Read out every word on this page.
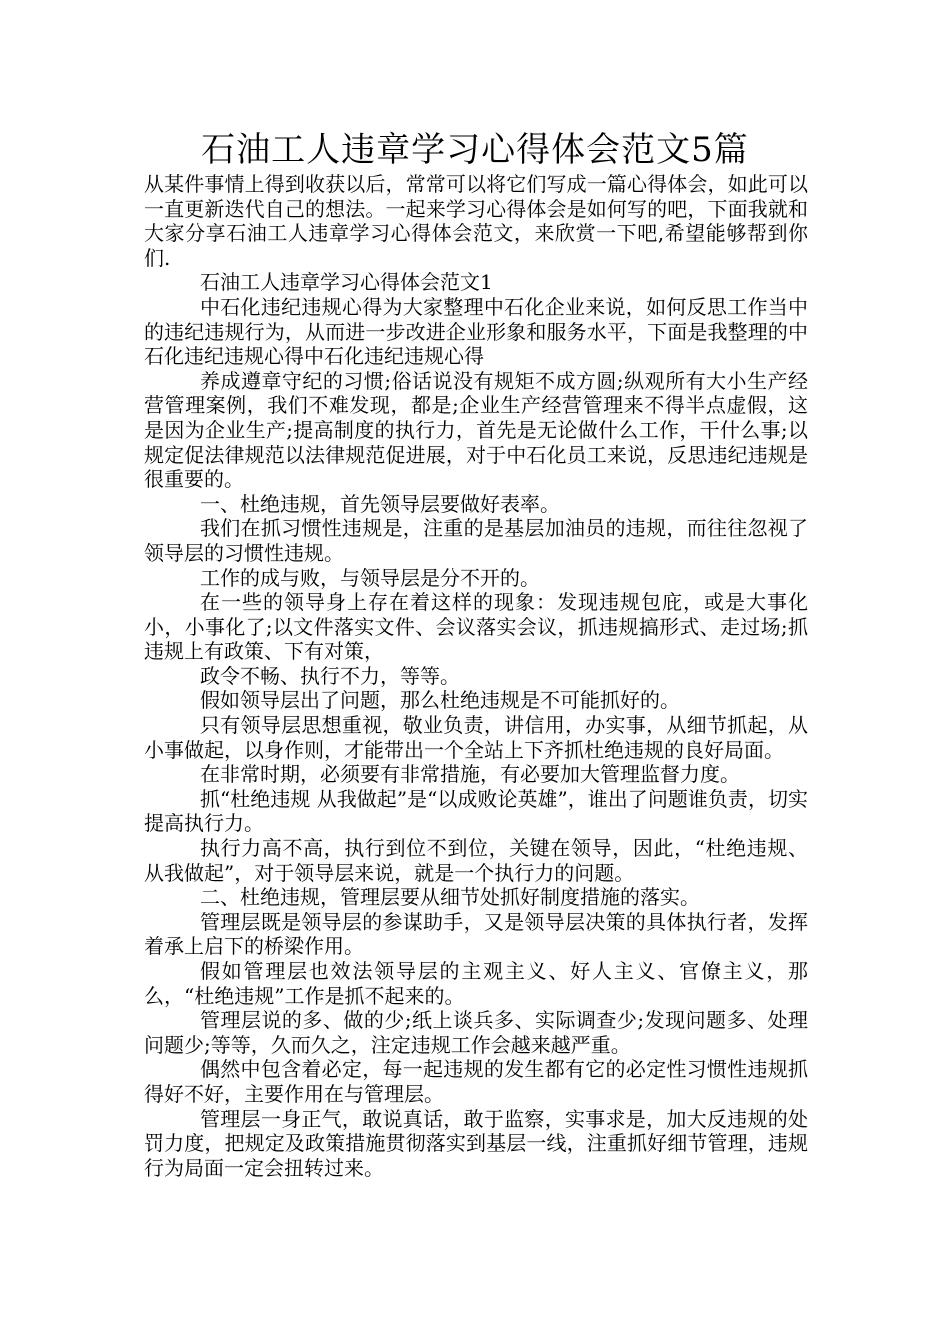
石油工人违章学习心得体会范文5篇

从某件事情上得到收获以后，常常可以将它们写成一篇心得体会，如此可以一直更新迭代自己的想法。一起来学习心得体会是如何写的吧，下面我就和大家分享石油工人违章学习心得体会范文，来欣赏一下吧,希望能够帮到你们.

石油工人违章学习心得体会范文1

中石化违纪违规心得为大家整理中石化企业来说，如何反思工作当中的违纪违规行为，从而进一步改进企业形象和服务水平，下面是我整理的中石化违纪违规心得中石化违纪违规心得

养成遵章守纪的习惯;俗话说没有规矩不成方圆;纵观所有大小生产经营管理案例，我们不难发现，都是;企业生产经营管理来不得半点虚假，这是因为企业生产;提高制度的执行力，首先是无论做什么工作，干什么事;以规定促法律规范以法律规范促进展，对于中石化员工来说，反思违纪违规是很重要的。

一、杜绝违规，首先领导层要做好表率。

我们在抓习惯性违规是，注重的是基层加油员的违规，而往往忽视了领导层的习惯性违规。

工作的成与败，与领导层是分不开的。

在一些的领导身上存在着这样的现象：发现违规包庇，或是大事化小，小事化了;以文件落实文件、会议落实会议，抓违规搞形式、走过场;抓违规上有政策、下有对策，

政令不畅、执行不力，等等。

假如领导层出了问题，那么杜绝违规是不可能抓好的。

只有领导层思想重视，敬业负责，讲信用，办实事，从细节抓起，从小事做起，以身作则，才能带出一个全站上下齐抓杜绝违规的良好局面。

在非常时期，必须要有非常措施，有必要加大管理监督力度。

抓“杜绝违规 从我做起”是“以成败论英雄”，谁出了问题谁负责，切实提高执行力。

执行力高不高，执行到位不到位，关键在领导，因此，“杜绝违规、从我做起”，对于领导层来说，就是一个执行力的问题。

二、杜绝违规，管理层要从细节处抓好制度措施的落实。

管理层既是领导层的参谋助手，又是领导层决策的具体执行者，发挥着承上启下的桥梁作用。

假如管理层也效法领导层的主观主义、好人主义、官僚主义，那么，“杜绝违规”工作是抓不起来的。

管理层说的多、做的少;纸上谈兵多、实际调查少;发现问题多、处理问题少;等等，久而久之，注定违规工作会越来越严重。

偶然中包含着必定，每一起违规的发生都有它的必定性习惯性违规抓得好不好，主要作用在与管理层。

管理层一身正气，敢说真话，敢于监察，实事求是，加大反违规的处罚力度，把规定及政策措施贯彻落实到基层一线，注重抓好细节管理，违规行为局面一定会扭转过来。
